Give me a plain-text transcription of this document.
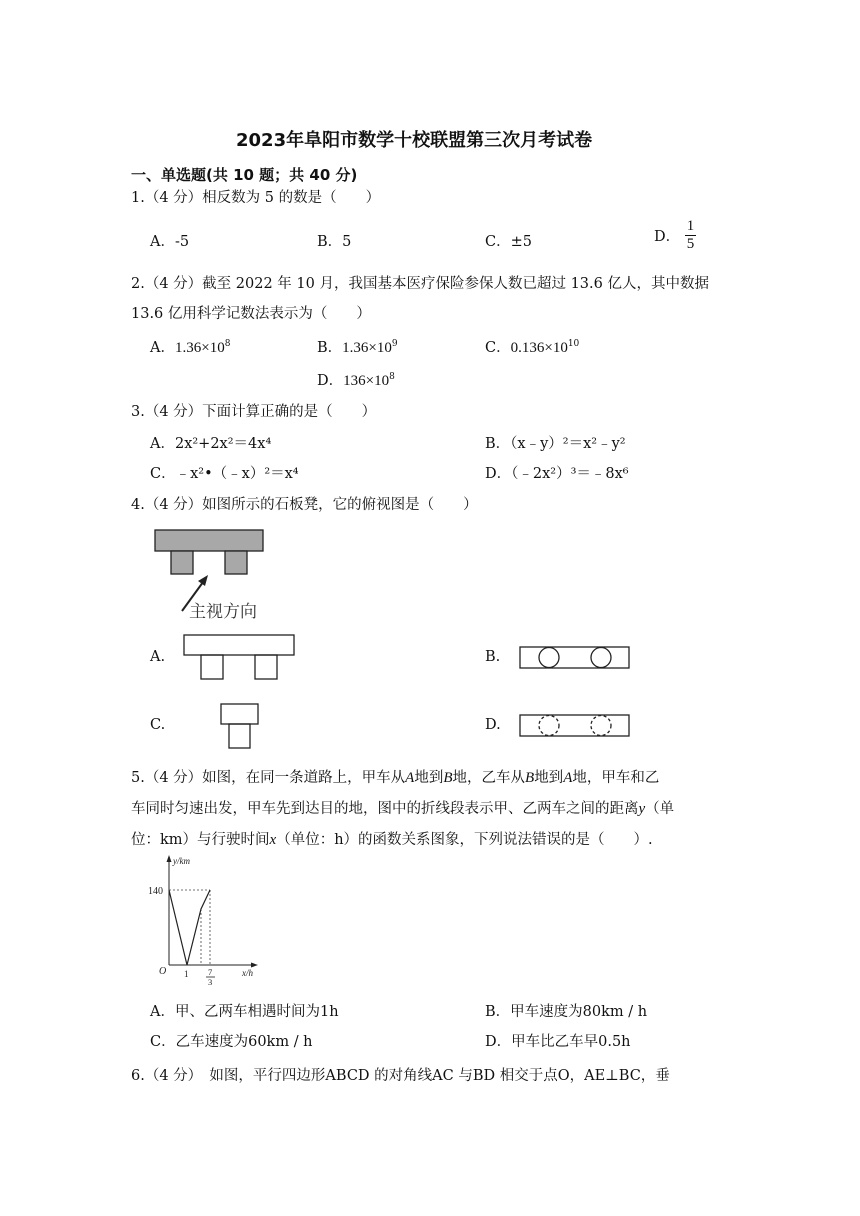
2023年阜阳市数学十校联盟第三次月考试卷
一、单选题(共 10 题；共 40 分)
1.（4 分）相反数为 5 的数是（　　）
A．-5	B．5	C．±5	D． $\frac{1}{5}$
2.（4 分）截至 2022 年 10 月，我国基本医疗保险参保人数已超过 13.6 亿人，其中数据
13.6 亿用科学记数法表示为（　　）
A．$1.36\times 10^8$	B．$1.36\times 10^9$	C．$0.136\times 10^{10}$
D．$136\times 10^8$
3.（4 分）下面计算正确的是（　　）
A．2x²+2x²＝4x⁴	B．（x﹣y）²＝x²﹣y²
C．﹣x²•（﹣x）²＝x⁴	D．（﹣2x²）³＝﹣8x⁶
4.（4 分）如图所示的石板凳，它的俯视图是（　　）
主视方向
A.	B.
C.	D.
5.（4 分）如图，在同一条道路上，甲车从A地到B地，乙车从B地到A地，甲车和乙
车同时匀速出发，甲车先到达目的地，图中的折线段表示甲、乙两车之间的距离y（单
位：km）与行驶时间x（单位：h）的函数关系图象，下列说法错误的是（　　）.
y/km
x/h
O
140
1 7
3
A．甲、乙两车相遇时间为1h	B．甲车速度为80km / h
C．乙车速度为60km / h	D．甲车比乙车早0.5h
6.（4 分）　如图，平行四边形ABCD 的对角线AC 与BD 相交于点O，AE⊥BC，垂
